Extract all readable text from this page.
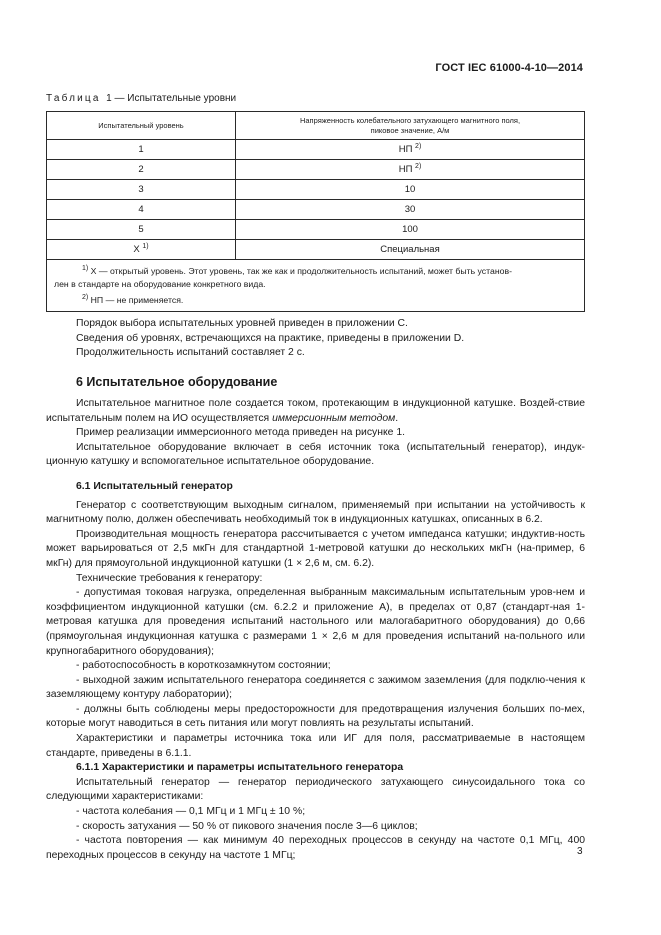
ГОСТ IEC 61000-4-10—2014
Таблица 1 — Испытательные уровни
Испытательный уровень	Напряженность колебательного затухающего магнитного поля,
пиковое значение, А/м
1	НП $^{2)}$
2	НП $^{2)}$
3	10
4	30
5	100
Х $^{1)}$	Специальная

$^{1)}$ Х — открытый уровень. Этот уровень, так же как и продолжительность испытаний, может быть установ-
лен в стандарте на оборудование конкретного вида.
$^{2)}$ НП — не применяется.	

Порядок выбора испытательных уровней приведен в приложении С.

Сведения об уровнях, встречающихся на практике, приведены в приложении D.

Продолжительность испытаний составляет 2 с.

6 Испытательное оборудование

Испытательное магнитное поле создается током, протекающим в индукционной катушке. Воздей-ствие испытательным полем на ИО осуществляется иммерсионным методом.

Пример реализации иммерсионного метода приведен на рисунке 1.

Испытательное оборудование включает в себя источник тока (испытательный генератор), индук-ционную катушку и вспомогательное испытательное оборудование.

6.1 Испытательный генератор

Генератор с соответствующим выходным сигналом, применяемый при испытании на устойчивость к магнитному полю, должен обеспечивать необходимый ток в индукционных катушках, описанных в 6.2.

Производительная мощность генератора рассчитывается с учетом импеданса катушки; индуктив-ность может варьироваться от 2,5 мкГн для стандартной 1-метровой катушки до нескольких мкГн (на-пример, 6 мкГн) для прямоугольной индукционной катушки (1 × 2,6 м, см. 6.2).

Технические требования к генератору:

- допустимая токовая нагрузка, определенная выбранным максимальным испытательным уров-нем и коэффициентом индукционной катушки (см. 6.2.2 и приложение А), в пределах от 0,87 (стандарт-ная 1-метровая катушка для проведения испытаний настольного или малогабаритного оборудования) до 0,66 (прямоугольная индукционная катушка с размерами 1 × 2,6 м для проведения испытаний на-польного или крупногабаритного оборудования);

- работоспособность в короткозамкнутом состоянии;

- выходной зажим испытательного генератора соединяется с зажимом заземления (для подклю-чения к заземляющему контуру лаборатории);

- должны быть соблюдены меры предосторожности для предотвращения излучения больших по-мех, которые могут наводиться в сеть питания или могут повлиять на результаты испытаний.

Характеристики и параметры источника тока или ИГ для поля, рассматриваемые в настоящем стандарте, приведены в 6.1.1.

6.1.1 Характеристики и параметры испытательного генератора

Испытательный генератор — генератор периодического затухающего синусоидального тока со следующими характеристиками:

- частота колебания — 0,1 МГц и 1 МГц ± 10 %;

- скорость затухания — 50 % от пикового значения после 3—6 циклов;

- частота повторения — как минимум 40 переходных процессов в секунду на частоте 0,1 МГц, 400 переходных процессов в секунду на частоте 1 МГц;	3
